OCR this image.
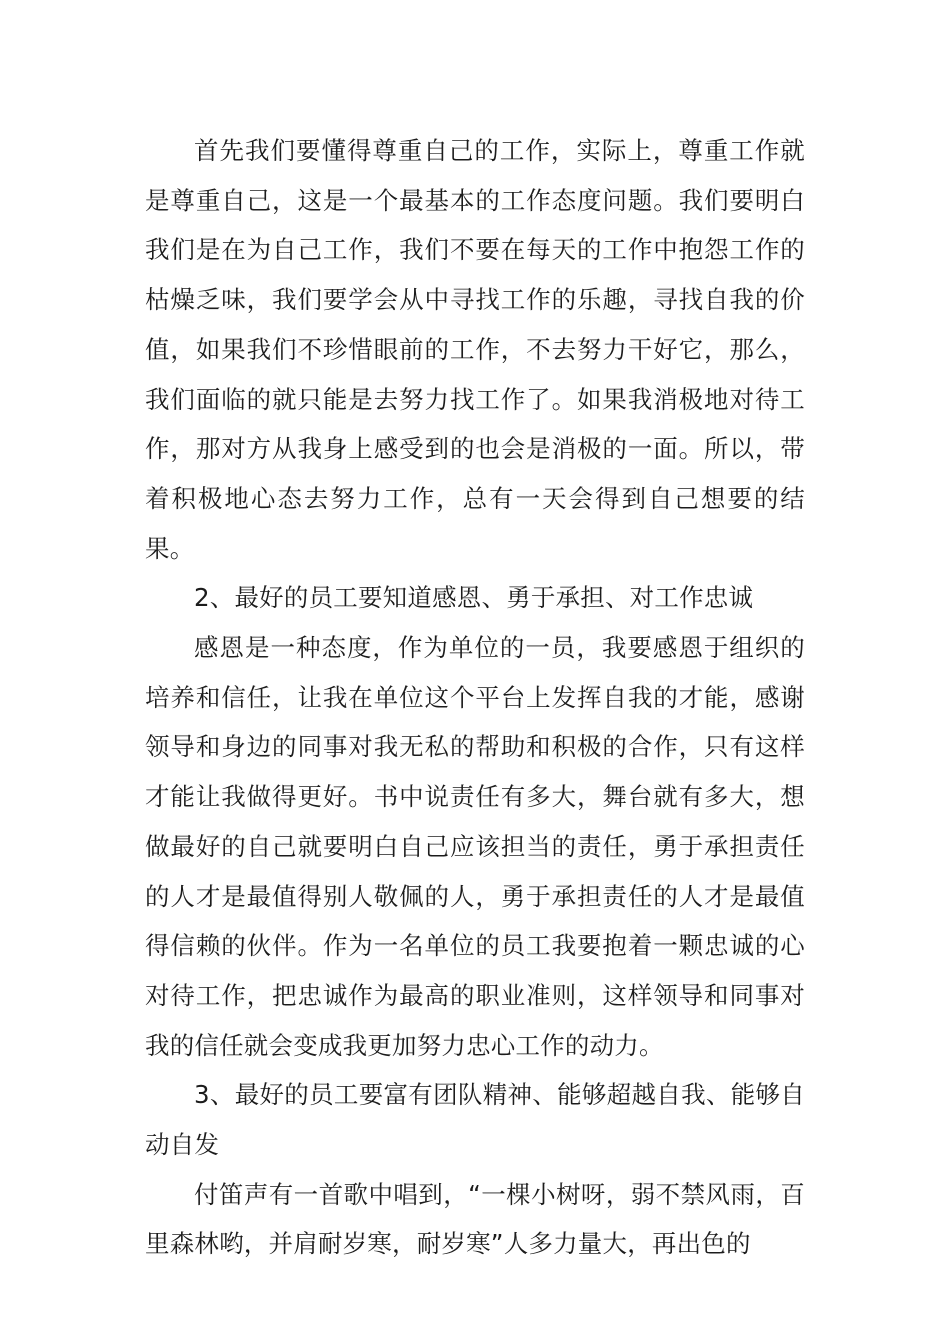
首先我们要懂得尊重自己的工作，实际上，尊重工作就是尊重自己，这是一个最基本的工作态度问题。我们要明白我们是在为自己工作，我们不要在每天的工作中抱怨工作的枯燥乏味，我们要学会从中寻找工作的乐趣，寻找自我的价值，如果我们不珍惜眼前的工作，不去努力干好它，那么，我们面临的就只能是去努力找工作了。如果我消极地对待工作，那对方从我身上感受到的也会是消极的一面。所以，带着积极地心态去努力工作，总有一天会得到自己想要的结果。

2、最好的员工要知道感恩、勇于承担、对工作忠诚

感恩是一种态度，作为单位的一员，我要感恩于组织的培养和信任，让我在单位这个平台上发挥自我的才能，感谢领导和身边的同事对我无私的帮助和积极的合作，只有这样才能让我做得更好。书中说责任有多大，舞台就有多大，想做最好的自己就要明白自己应该担当的责任，勇于承担责任的人才是最值得别人敬佩的人，勇于承担责任的人才是最值得信赖的伙伴。作为一名单位的员工我要抱着一颗忠诚的心对待工作，把忠诚作为最高的职业准则，这样领导和同事对我的信任就会变成我更加努力忠心工作的动力。

3、最好的员工要富有团队精神、能够超越自我、能够自动自发

付笛声有一首歌中唱到，“一棵小树呀，弱不禁风雨，百里森林哟，并肩耐岁寒，耐岁寒”人多力量大，再出色的
